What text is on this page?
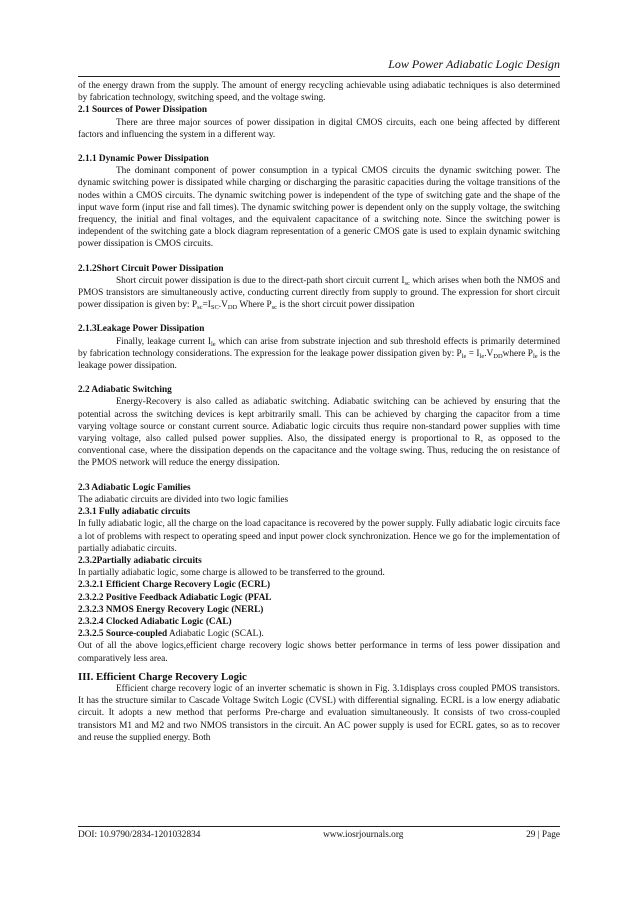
Low Power Adiabatic Logic Design

of the energy drawn from the supply. The amount of energy recycling achievable using adiabatic techniques is also determined by fabrication technology, switching speed, and the voltage swing.

2.1 Sources of Power Dissipation

There are three major sources of power dissipation in digital CMOS circuits, each one being affected by different factors and influencing the system in a different way.

2.1.1 Dynamic Power Dissipation

The dominant component of power consumption in a typical CMOS circuits the dynamic switching power. The dynamic switching power is dissipated while charging or discharging the parasitic capacities during the voltage transitions of the nodes within a CMOS circuits. The dynamic switching power is independent of the type of switching gate and the shape of the input wave form (input rise and fall times). The dynamic switching power is dependent only on the supply voltage, the switching frequency, the initial and final voltages, and the equivalent capacitance of a switching note. Since the switching power is independent of the switching gate a block diagram representation of a generic CMOS gate is used to explain dynamic switching power dissipation is CMOS circuits.

2.1.2Short Circuit Power Dissipation

Short circuit power dissipation is due to the direct-path short circuit current $I_{sc}$ which arises when both the NMOS and PMOS transistors are simultaneously active, conducting current directly from supply to ground. The expression for short circuit power dissipation is given by: $P_{sc}=I_{SC}.V_{DD}$ Where $P_{sc}$ is the short circuit power dissipation

2.1.3Leakage Power Dissipation

Finally, leakage current $I_{le}$ which can arise from substrate injection and sub threshold effects is primarily determined by fabrication technology considerations. The expression for the leakage power dissipation given by: $P_{le}$ = $I_{le}.V_{DD}where$ $P_{le}$ is the leakage power dissipation.

2.2 Adiabatic Switching

Energy-Recovery is also called as adiabatic switching. Adiabatic switching can be achieved by ensuring that the potential across the switching devices is kept arbitrarily small. This can be achieved by charging the capacitor from a time varying voltage source or constant current source. Adiabatic logic circuits thus require non-standard power supplies with time varying voltage, also called pulsed power supplies. Also, the dissipated energy is proportional to R, as opposed to the conventional case, where the dissipation depends on the capacitance and the voltage swing. Thus, reducing the on resistance of the PMOS network will reduce the energy dissipation.

2.3 Adiabatic Logic Families

The adiabatic circuits are divided into two logic families

2.3.1 Fully adiabatic circuits

In fully adiabatic logic, all the charge on the load capacitance is recovered by the power supply. Fully adiabatic logic circuits face a lot of problems with respect to operating speed and input power clock synchronization. Hence we go for the implementation of partially adiabatic circuits.

2.3.2Partially adiabatic circuits

In partially adiabatic logic, some charge is allowed to be transferred to the ground.

2.3.2.1 Efficient Charge Recovery Logic (ECRL)

2.3.2.2 Positive Feedback Adiabatic Logic (PFAL

2.3.2.3 NMOS Energy Recovery Logic (NERL)

2.3.2.4 Clocked Adiabatic Logic (CAL)

2.3.2.5 Source-coupled Adiabatic Logic (SCAL).

Out of all the above logics,efficient charge recovery logic shows better performance in terms of less power dissipation and comparatively less area.

III. Efficient Charge Recovery Logic

Efficient charge recovery logic of an inverter schematic is shown in Fig. 3.1displays cross coupled PMOS transistors. It has the structure similar to Cascade Voltage Switch Logic (CVSL) with differential signaling. ECRL is a low energy adiabatic circuit. It adopts a new method that performs Pre-charge and evaluation simultaneously. It consists of two cross-coupled transistors M1 and M2 and two NMOS transistors in the circuit. An AC power supply is used for ECRL gates, so as to recover and reuse the supplied energy. Both

DOI: 10.9790/2834-1201032834	www.iosrjournals.org	29 | Page
